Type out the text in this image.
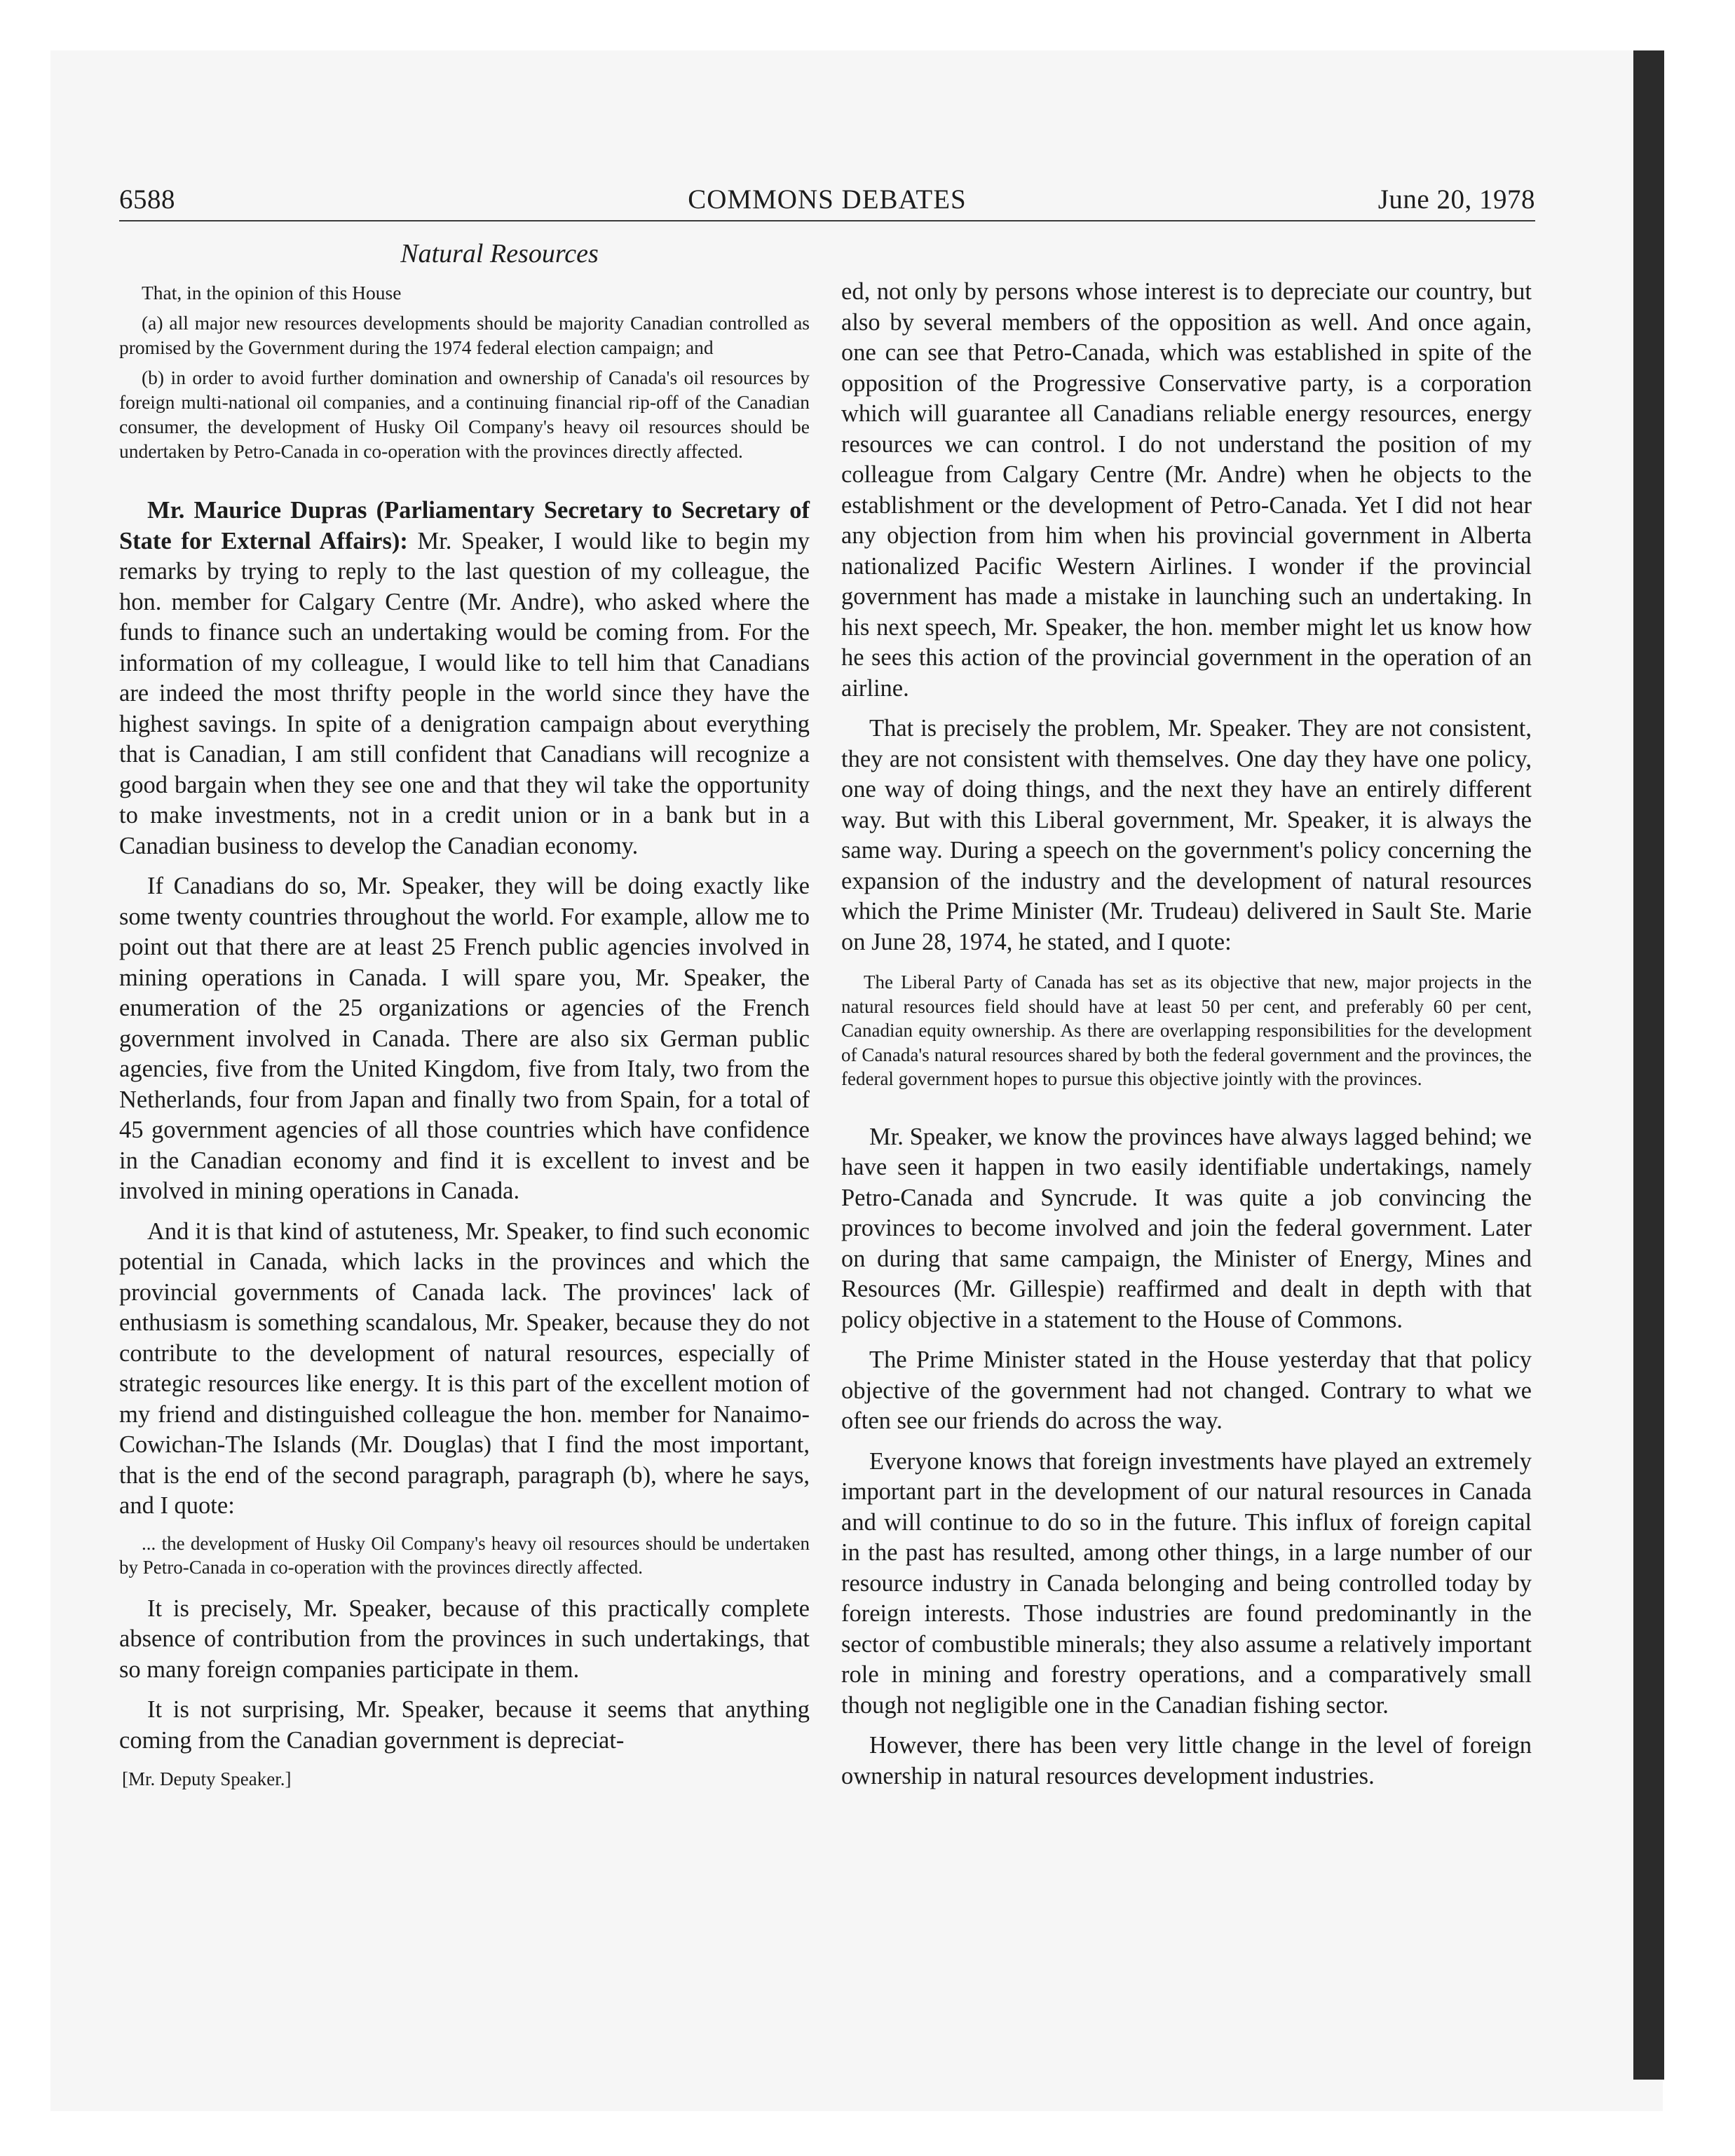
6588	COMMONS DEBATES	June 20, 1978
Natural Resources

That, in the opinion of this House

(a) all major new resources developments should be majority Canadian controlled as promised by the Government during the 1974 federal election campaign; and

(b) in order to avoid further domination and ownership of Canada's oil resources by foreign multi-national oil companies, and a continuing financial rip-off of the Canadian consumer, the development of Husky Oil Company's heavy oil resources should be undertaken by Petro-Canada in co-operation with the provinces directly affected.

Mr. Maurice Dupras (Parliamentary Secretary to Secretary of State for External Affairs): Mr. Speaker, I would like to begin my remarks by trying to reply to the last question of my colleague, the hon. member for Calgary Centre (Mr. Andre), who asked where the funds to finance such an undertaking would be coming from. For the information of my colleague, I would like to tell him that Canadians are indeed the most thrifty people in the world since they have the highest savings. In spite of a denigration campaign about everything that is Canadian, I am still confident that Canadians will recognize a good bargain when they see one and that they wil take the opportunity to make investments, not in a credit union or in a bank but in a Canadian business to develop the Canadian economy.

If Canadians do so, Mr. Speaker, they will be doing exactly like some twenty countries throughout the world. For example, allow me to point out that there are at least 25 French public agencies involved in mining operations in Canada. I will spare you, Mr. Speaker, the enumeration of the 25 organizations or agencies of the French government involved in Canada. There are also six German public agencies, five from the United Kingdom, five from Italy, two from the Netherlands, four from Japan and finally two from Spain, for a total of 45 government agencies of all those countries which have confidence in the Canadian economy and find it is excellent to invest and be involved in mining operations in Canada.

And it is that kind of astuteness, Mr. Speaker, to find such economic potential in Canada, which lacks in the provinces and which the provincial governments of Canada lack. The provinces' lack of enthusiasm is something scandalous, Mr. Speaker, because they do not contribute to the development of natural resources, especially of strategic resources like energy. It is this part of the excellent motion of my friend and distinguished colleague the hon. member for Nanaimo-Cowichan-The Islands (Mr. Douglas) that I find the most important, that is the end of the second paragraph, paragraph (b), where he says, and I quote:

... the development of Husky Oil Company's heavy oil resources should be undertaken by Petro-Canada in co-operation with the provinces directly affected.

It is precisely, Mr. Speaker, because of this practically complete absence of contribution from the provinces in such undertakings, that so many foreign companies participate in them.

It is not surprising, Mr. Speaker, because it seems that anything coming from the Canadian government is depreciat-

[Mr. Deputy Speaker.]

ed, not only by persons whose interest is to depreciate our country, but also by several members of the opposition as well. And once again, one can see that Petro-Canada, which was established in spite of the opposition of the Progressive Conservative party, is a corporation which will guarantee all Canadians reliable energy resources, energy resources we can control. I do not understand the position of my colleague from Calgary Centre (Mr. Andre) when he objects to the establishment or the development of Petro-Canada. Yet I did not hear any objection from him when his provincial government in Alberta nationalized Pacific Western Airlines. I wonder if the provincial government has made a mistake in launching such an undertaking. In his next speech, Mr. Speaker, the hon. member might let us know how he sees this action of the provincial government in the operation of an airline.

That is precisely the problem, Mr. Speaker. They are not consistent, they are not consistent with themselves. One day they have one policy, one way of doing things, and the next they have an entirely different way. But with this Liberal government, Mr. Speaker, it is always the same way. During a speech on the government's policy concerning the expansion of the industry and the development of natural resources which the Prime Minister (Mr. Trudeau) delivered in Sault Ste. Marie on June 28, 1974, he stated, and I quote:

The Liberal Party of Canada has set as its objective that new, major projects in the natural resources field should have at least 50 per cent, and preferably 60 per cent, Canadian equity ownership. As there are overlapping responsibilities for the development of Canada's natural resources shared by both the federal government and the provinces, the federal government hopes to pursue this objective jointly with the provinces.

Mr. Speaker, we know the provinces have always lagged behind; we have seen it happen in two easily identifiable undertakings, namely Petro-Canada and Syncrude. It was quite a job convincing the provinces to become involved and join the federal government. Later on during that same campaign, the Minister of Energy, Mines and Resources (Mr. Gillespie) reaffirmed and dealt in depth with that policy objective in a statement to the House of Commons.

The Prime Minister stated in the House yesterday that that policy objective of the government had not changed. Contrary to what we often see our friends do across the way.

Everyone knows that foreign investments have played an extremely important part in the development of our natural resources in Canada and will continue to do so in the future. This influx of foreign capital in the past has resulted, among other things, in a large number of our resource industry in Canada belonging and being controlled today by foreign interests. Those industries are found predominantly in the sector of combustible minerals; they also assume a relatively important role in mining and forestry operations, and a comparatively small though not negligible one in the Canadian fishing sector.

However, there has been very little change in the level of foreign ownership in natural resources development industries.
